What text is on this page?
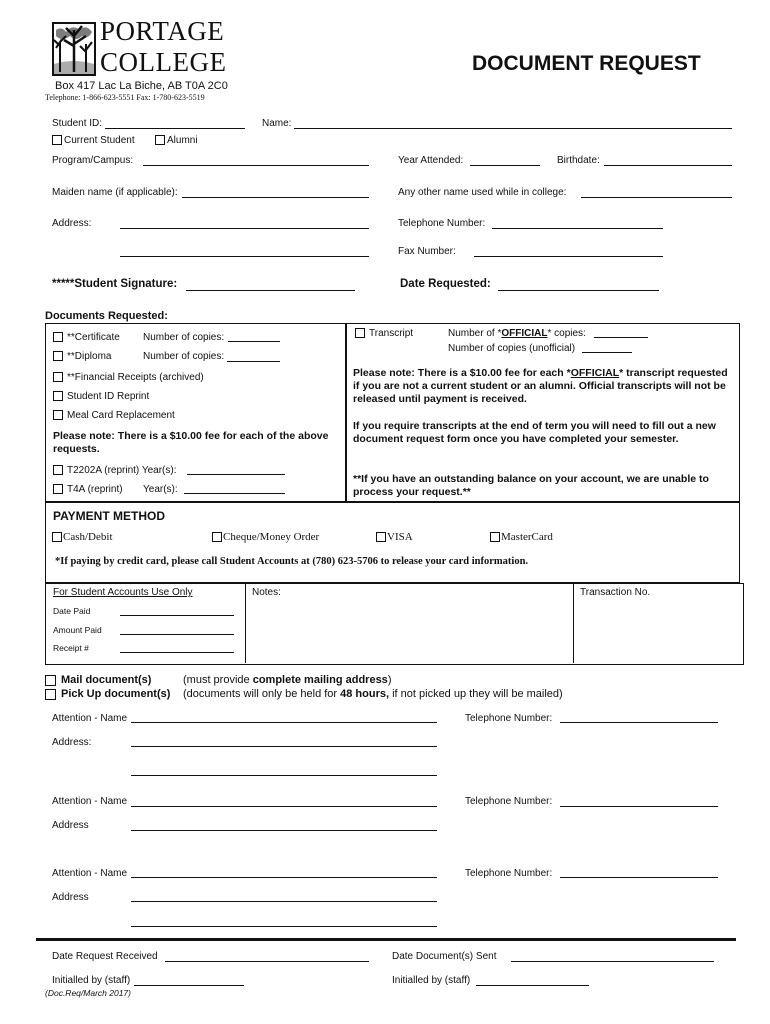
PORTAGE
COLLEGE
Box 417 Lac La Biche, AB T0A 2C0
Telephone: 1-866-623-5551 Fax: 1-780-623-5519
DOCUMENT REQUEST
Student ID:	Name:
Current Student	Alumni
Program/Campus:	Year Attended:	Birthdate:
Maiden name (if applicable):	Any other name used while in college:
Address:	Telephone Number:
Fax Number:
*****Student Signature:	Date Requested:
Documents Requested:
**Certificate Number of copies:
**Diploma	Number of copies:
**Financial Receipts (archived)
Student ID Reprint
Meal Card Replacement
Please note: There is a $10.00 fee for each of the above requests.
T2202A (reprint) Year(s):
T4A (reprint) Year(s):
Transcript	Number of *OFFICIAL* copies:
Number of copies (unofficial)
Please note: There is a $10.00 fee for each *OFFICIAL* transcript requested if you are not a current student or an alumni. Official transcripts will not be released until payment is received.
If you require transcripts at the end of term you will need to fill out a new document request form once you have completed your semester.
**If you have an outstanding balance on your account, we are unable to process your request.**
PAYMENT METHOD
Cash/Debit	Cheque/Money Order	VISA	MasterCard
*If paying by credit card, please call Student Accounts at (780) 623-5706 to release your card information.
For Student Accounts Use Only
Date Paid
Amount Paid
Receipt #
Notes:	Transaction No.
Mail document(s)	(must provide complete mailing address)
Pick Up document(s) (documents will only be held for 48 hours, if not picked up they will be mailed)
Attention - Name	Telephone Number:
Address:
Attention - Name	Telephone Number:
Address
Attention - Name	Telephone Number:
Address
Date Request Received	Date Document(s) Sent
Initialled by (staff)	Initialled by (staff)
(Doc.Req/March 2017)
